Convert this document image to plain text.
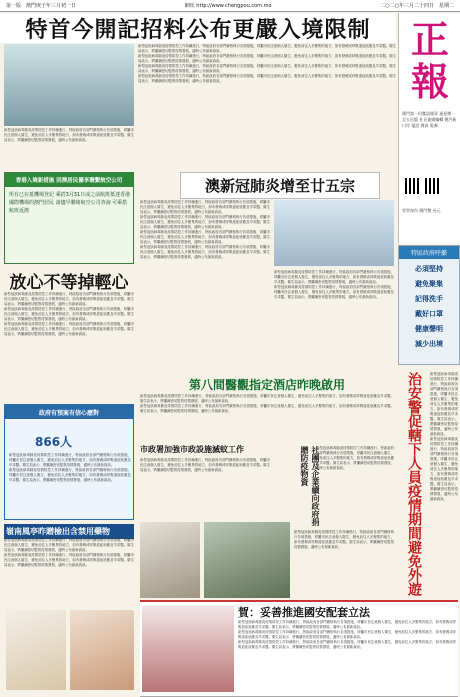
第一版　澳門庚子年三月初一日	網址 http://www.chengpou.com.mo	二○二○年三月二十四日　星期二
特首今開記招料公布更嚴入境限制 正報
澳門第一份雙語報章 逢星期一至五出版 社長兼總編輯 澳門新口岸 電話 傳真 電郵
零售每份 澳門幣 叁元
特區政府呼籲
必須堅持
避免聚集
記得洗手
戴好口罩
健康聲明
減少出境

新型冠狀病毒肺炎疫情防控工作持續進行，特區政府各部門嚴格執行各項措施，呼籲市民注意個人衛生，避免前往人多聚集的地方，如有發燒或呼吸道症狀應及早求醫。衛生局表示，將繼續密切監察疫情發展，適時公布最新資訊。

新型冠狀病毒肺炎疫情防控工作持續進行，特區政府各部門嚴格執行各項措施，呼籲市民注意個人衛生，避免前往人多聚集的地方，如有發燒或呼吸道症狀應及早求醫。衛生局表示，將繼續密切監察疫情發展，適時公布最新資訊。

新型冠狀病毒肺炎疫情防控工作持續進行，特區政府各部門嚴格執行各項措施，呼籲市民注意個人衛生，避免前往人多聚集的地方，如有發燒或呼吸道症狀應及早求醫。衛生局表示，將繼續密切監察疫情發展，適時公布最新資訊。

新型冠狀病毒肺炎疫情防控工作持續進行，特區政府各部門嚴格執行各項措施，呼籲市民注意個人衛生，避免前往人多聚集的地方，如有發燒或呼吸道症狀應及早求醫。衛生局表示，將繼續密切監察疫情發展，適時公布最新資訊。

新型冠狀病毒肺炎疫情防控工作持續進行，特區政府各部門嚴格執行各項措施，呼籲市民注意個人衛生，避免前往人多聚集的地方，如有發燒或呼吸道症狀應及早求醫。衛生局表示，將繼續密切監察疫情發展，適時公布最新資訊。

香港入境新措施 回澳居民優享聯繫航空公司
所有已在抵機場登記 乘搭3月31日或之前航班抵達香港國際機場的澳門居民 請儘早聯絡航空公司查詢 可乘搭航班返澳
放心不等掉輕心

新型冠狀病毒肺炎疫情防控工作持續進行，特區政府各部門嚴格執行各項措施，呼籲市民注意個人衛生，避免前往人多聚集的地方，如有發燒或呼吸道症狀應及早求醫。衛生局表示，將繼續密切監察疫情發展，適時公布最新資訊。

新型冠狀病毒肺炎疫情防控工作持續進行，特區政府各部門嚴格執行各項措施，呼籲市民注意個人衛生，避免前往人多聚集的地方，如有發燒或呼吸道症狀應及早求醫。衛生局表示，將繼續密切監察疫情發展，適時公布最新資訊。

新型冠狀病毒肺炎疫情防控工作持續進行，特區政府各部門嚴格執行各項措施，呼籲市民注意個人衛生，避免前往人多聚集的地方，如有發燒或呼吸道症狀應及早求醫。衛生局表示，將繼續密切監察疫情發展，適時公布最新資訊。

政府有預案有信心應對
866人

新型冠狀病毒肺炎疫情防控工作持續進行，特區政府各部門嚴格執行各項措施，呼籲市民注意個人衛生，避免前往人多聚集的地方，如有發燒或呼吸道症狀應及早求醫。衛生局表示，將繼續密切監察疫情發展，適時公布最新資訊。

新型冠狀病毒肺炎疫情防控工作持續進行，特區政府各部門嚴格執行各項措施，呼籲市民注意個人衛生，避免前往人多聚集的地方，如有發燒或呼吸道症狀應及早求醫。衛生局表示，將繼續密切監察疫情發展，適時公布最新資訊。

嶺南風亭昨贈檢出含禁用藥物

新型冠狀病毒肺炎疫情防控工作持續進行，特區政府各部門嚴格執行各項措施，呼籲市民注意個人衛生，避免前往人多聚集的地方，如有發燒或呼吸道症狀應及早求醫。衛生局表示，將繼續密切監察疫情發展，適時公布最新資訊。

新型冠狀病毒肺炎疫情防控工作持續進行，特區政府各部門嚴格執行各項措施，呼籲市民注意個人衛生，避免前往人多聚集的地方，如有發燒或呼吸道症狀應及早求醫。衛生局表示，將繼續密切監察疫情發展，適時公布最新資訊。

澳新冠肺炎增至廿五宗

新型冠狀病毒肺炎疫情防控工作持續進行，特區政府各部門嚴格執行各項措施，呼籲市民注意個人衛生，避免前往人多聚集的地方，如有發燒或呼吸道症狀應及早求醫。衛生局表示，將繼續密切監察疫情發展，適時公布最新資訊。

新型冠狀病毒肺炎疫情防控工作持續進行，特區政府各部門嚴格執行各項措施，呼籲市民注意個人衛生，避免前往人多聚集的地方，如有發燒或呼吸道症狀應及早求醫。衛生局表示，將繼續密切監察疫情發展，適時公布最新資訊。

新型冠狀病毒肺炎疫情防控工作持續進行，特區政府各部門嚴格執行各項措施，呼籲市民注意個人衛生，避免前往人多聚集的地方，如有發燒或呼吸道症狀應及早求醫。衛生局表示，將繼續密切監察疫情發展，適時公布最新資訊。

新型冠狀病毒肺炎疫情防控工作持續進行，特區政府各部門嚴格執行各項措施，呼籲市民注意個人衛生，避免前往人多聚集的地方，如有發燒或呼吸道症狀應及早求醫。衛生局表示，將繼續密切監察疫情發展，適時公布最新資訊。

新型冠狀病毒肺炎疫情防控工作持續進行，特區政府各部門嚴格執行各項措施，呼籲市民注意個人衛生，避免前往人多聚集的地方，如有發燒或呼吸道症狀應及早求醫。衛生局表示，將繼續密切監察疫情發展，適時公布最新資訊。

新型冠狀病毒肺炎疫情防控工作持續進行，特區政府各部門嚴格執行各項措施，呼籲市民注意個人衛生，避免前往人多聚集的地方，如有發燒或呼吸道症狀應及早求醫。衛生局表示，將繼續密切監察疫情發展，適時公布最新資訊。

第八間醫觀指定酒店昨晚啟用

新型冠狀病毒肺炎疫情防控工作持續進行，特區政府各部門嚴格執行各項措施，呼籲市民注意個人衛生，避免前往人多聚集的地方，如有發燒或呼吸道症狀應及早求醫。衛生局表示，將繼續密切監察疫情發展，適時公布最新資訊。

新型冠狀病毒肺炎疫情防控工作持續進行，特區政府各部門嚴格執行各項措施，呼籲市民注意個人衛生，避免前往人多聚集的地方，如有發燒或呼吸道症狀應及早求醫。衛生局表示，將繼續密切監察疫情發展，適時公布最新資訊。

市政署加強市政設施滅蚊工作

新型冠狀病毒肺炎疫情防控工作持續進行，特區政府各部門嚴格執行各項措施，呼籲市民注意個人衛生，避免前往人多聚集的地方，如有發燒或呼吸道症狀應及早求醫。衛生局表示，將繼續密切監察疫情發展，適時公布最新資訊。	社團及企業續向政府捐贈防疫物資	新型冠狀病毒肺炎疫情防控工作持續進行，特區政府各部門嚴格執行各項措施，呼籲市民注意個人衛生，避免前往人多聚集的地方，如有發燒或呼吸道症狀應及早求醫。衛生局表示，將繼續密切監察疫情發展，適時公布最新資訊。

新型冠狀病毒肺炎疫情防控工作持續進行，特區政府各部門嚴格執行各項措施，呼籲市民注意個人衛生，避免前往人多聚集的地方，如有發燒或呼吸道症狀應及早求醫。衛生局表示，將繼續密切監察疫情發展，適時公布最新資訊。	治安警促轄下人員疫情期間避免外遊	新型冠狀病毒肺炎疫情防控工作持續進行，特區政府各部門嚴格執行各項措施，呼籲市民注意個人衛生，避免前往人多聚集的地方，如有發燒或呼吸道症狀應及早求醫。衛生局表示，將繼續密切監察疫情發展，適時公布最新資訊。

新型冠狀病毒肺炎疫情防控工作持續進行，特區政府各部門嚴格執行各項措施，呼籲市民注意個人衛生，避免前往人多聚集的地方，如有發燒或呼吸道症狀應及早求醫。衛生局表示，將繼續密切監察疫情發展，適時公布最新資訊。

賀：妥善推進國安配套立法

新型冠狀病毒肺炎疫情防控工作持續進行，特區政府各部門嚴格執行各項措施，呼籲市民注意個人衛生，避免前往人多聚集的地方，如有發燒或呼吸道症狀應及早求醫。衛生局表示，將繼續密切監察疫情發展，適時公布最新資訊。

新型冠狀病毒肺炎疫情防控工作持續進行，特區政府各部門嚴格執行各項措施，呼籲市民注意個人衛生，避免前往人多聚集的地方，如有發燒或呼吸道症狀應及早求醫。衛生局表示，將繼續密切監察疫情發展，適時公布最新資訊。

新型冠狀病毒肺炎疫情防控工作持續進行，特區政府各部門嚴格執行各項措施，呼籲市民注意個人衛生，避免前往人多聚集的地方，如有發燒或呼吸道症狀應及早求醫。衛生局表示，將繼續密切監察疫情發展，適時公布最新資訊。
